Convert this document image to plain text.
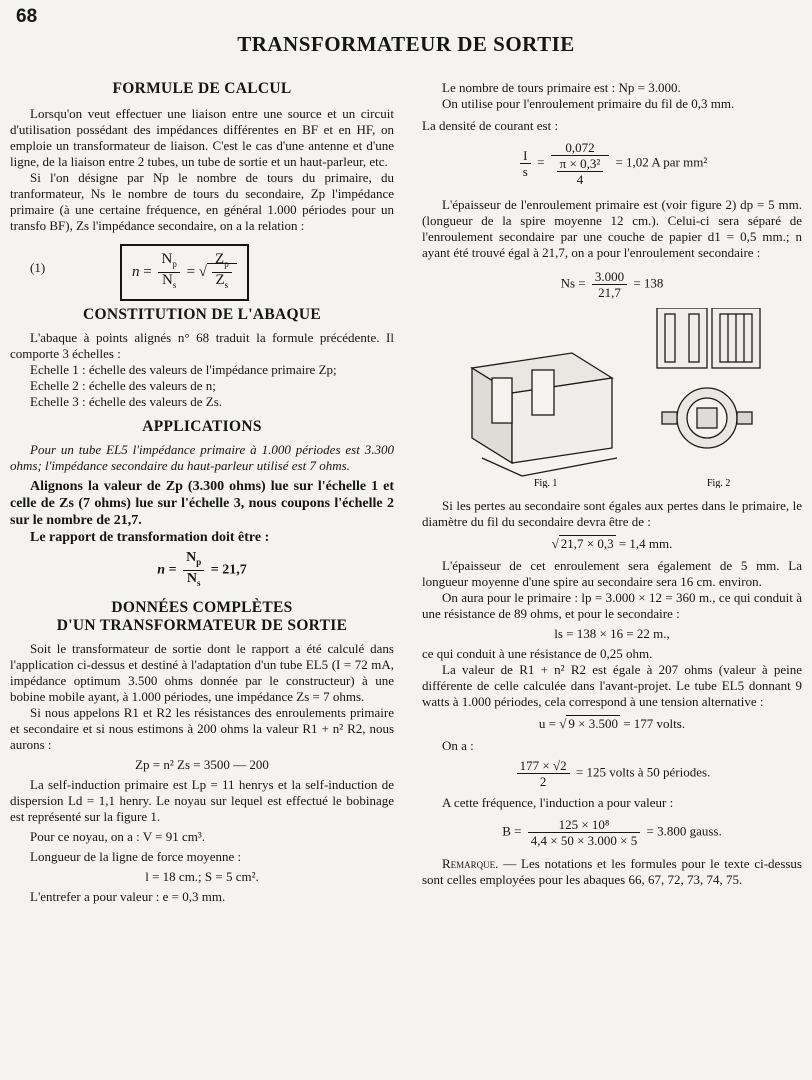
68
TRANSFORMATEUR DE SORTIE
FORMULE DE CALCUL

Lorsqu'on veut effectuer une liaison entre une source et un circuit d'utilisation possédant des impédances différentes en BF et en HF, on emploie un transformateur de liaison. C'est le cas d'une antenne et d'une ligne, de la liaison entre 2 tubes, un tube de sortie et un haut-parleur, etc.

Si l'on désigne par Np le nombre de tours du primaire, du tranformateur, Ns le nombre de tours du secondaire, Zp l'impédance primaire (à une certaine fréquence, en général 1.000 périodes pour un transfo BF), Zs l'impédance secondaire, on a la relation :

(1)	$n = \frac{N_p}{N_s}$ = √ $\frac{Z_p}{Z_s}$
CONSTITUTION DE L'ABAQUE

L'abaque à points alignés n° 68 traduit la formule précédente. Il comporte 3 échelles :

Echelle 1 : échelle des valeurs de l'impédance primaire Zp;

Echelle 2 : échelle des valeurs de n;

Echelle 3 : échelle des valeurs de Zs.

APPLICATIONS

Pour un tube EL5 l'impédance primaire à 1.000 périodes est 3.300 ohms; l'impédance secondaire du haut-parleur utilisé est 7 ohms.

Alignons la valeur de Zp (3.300 ohms) lue sur l'échelle 1 et celle de Zs (7 ohms) lue sur l'échelle 3, nous coupons l'échelle 2 sur le nombre de 21,7.

Le rapport de transformation doit être :

$n = \frac{N_p}{N_s} = 21,7$
DONNÉES COMPLÈTES
D'UN TRANSFORMATEUR DE SORTIE

Soit le transformateur de sortie dont le rapport a été calculé dans l'application ci-dessus et destiné à l'adaptation d'un tube EL5 (I = 72 mA, impédance optimum 3.500 ohms donnée par le constructeur) à une bobine mobile ayant, à 1.000 périodes, une impédance Zs = 7 ohms.

Si nous appelons R1 et R2 les résistances des enroulements primaire et secondaire et si nous estimons à 200 ohms la valeur R1 + n² R2, nous aurons :

Zp = n² Zs = 3500 — 200

La self-induction primaire est Lp = 11 henrys et la self-induction de dispersion Ld = 1,1 henry. Le noyau sur lequel est effectué le bobinage est représenté sur la figure 1.

Pour ce noyau, on a : V = 91 cm³.

Longueur de la ligne de force moyenne :

l = 18 cm.; S = 5 cm².

L'entrefer a pour valeur : e = 0,3 mm.

Le nombre de tours primaire est : Np = 3.000.

On utilise pour l'enroulement primaire du fil de 0,3 mm.

La densité de courant est :

$\frac{I}{s} = \frac{0,072}{\frac{\text{π × 0,3²}}{4}} = 1,02$ A par mm²

L'épaisseur de l'enroulement primaire est (voir figure 2) dp = 5 mm. (longueur de la spire moyenne 12 cm.). Celui-ci sera séparé de l'enroulement secondaire par une couche de papier d1 = 0,5 mm.; n ayant été trouvé égal à 21,7, on a pour l'enroulement secondaire :

$Ns = \frac{3.000}{21,7} = 138$
Fig. 1	Fig. 2

Si les pertes au secondaire sont égales aux pertes dans le primaire, le diamètre du fil du secondaire devra être de :

√ 21,7 × 0,3 = 1,4 mm.

L'épaisseur de cet enroulement sera également de 5 mm. La longueur moyenne d'une spire au secondaire sera 16 cm. environ.

On aura pour le primaire : lp = 3.000 × 12 = 360 m., ce qui conduit à une résistance de 89 ohms, et pour le secondaire :

ls = 138 × 16 = 22 m.,

ce qui conduit à une résistance de 0,25 ohm.

La valeur de R1 + n² R2 est égale à 207 ohms (valeur à peine différente de celle calculée dans l'avant-projet. Le tube EL5 donnant 9 watts à 1.000 périodes, cela correspond à une tension alternative :

u = √ 9 × 3.500 = 177 volts.

On a :

$\frac{177 \times √2}{2} = 125$ volts à 50 périodes.

A cette fréquence, l'induction a pour valeur :

$B = \frac{\text{125 × 10⁸}}{4,4 \times 50 \times 3.000 \times 5} = 3.800$ gauss.

Remarque. — Les notations et les formules pour le texte ci-dessus sont celles employées pour les abaques 66, 67, 72, 73, 74, 75.
